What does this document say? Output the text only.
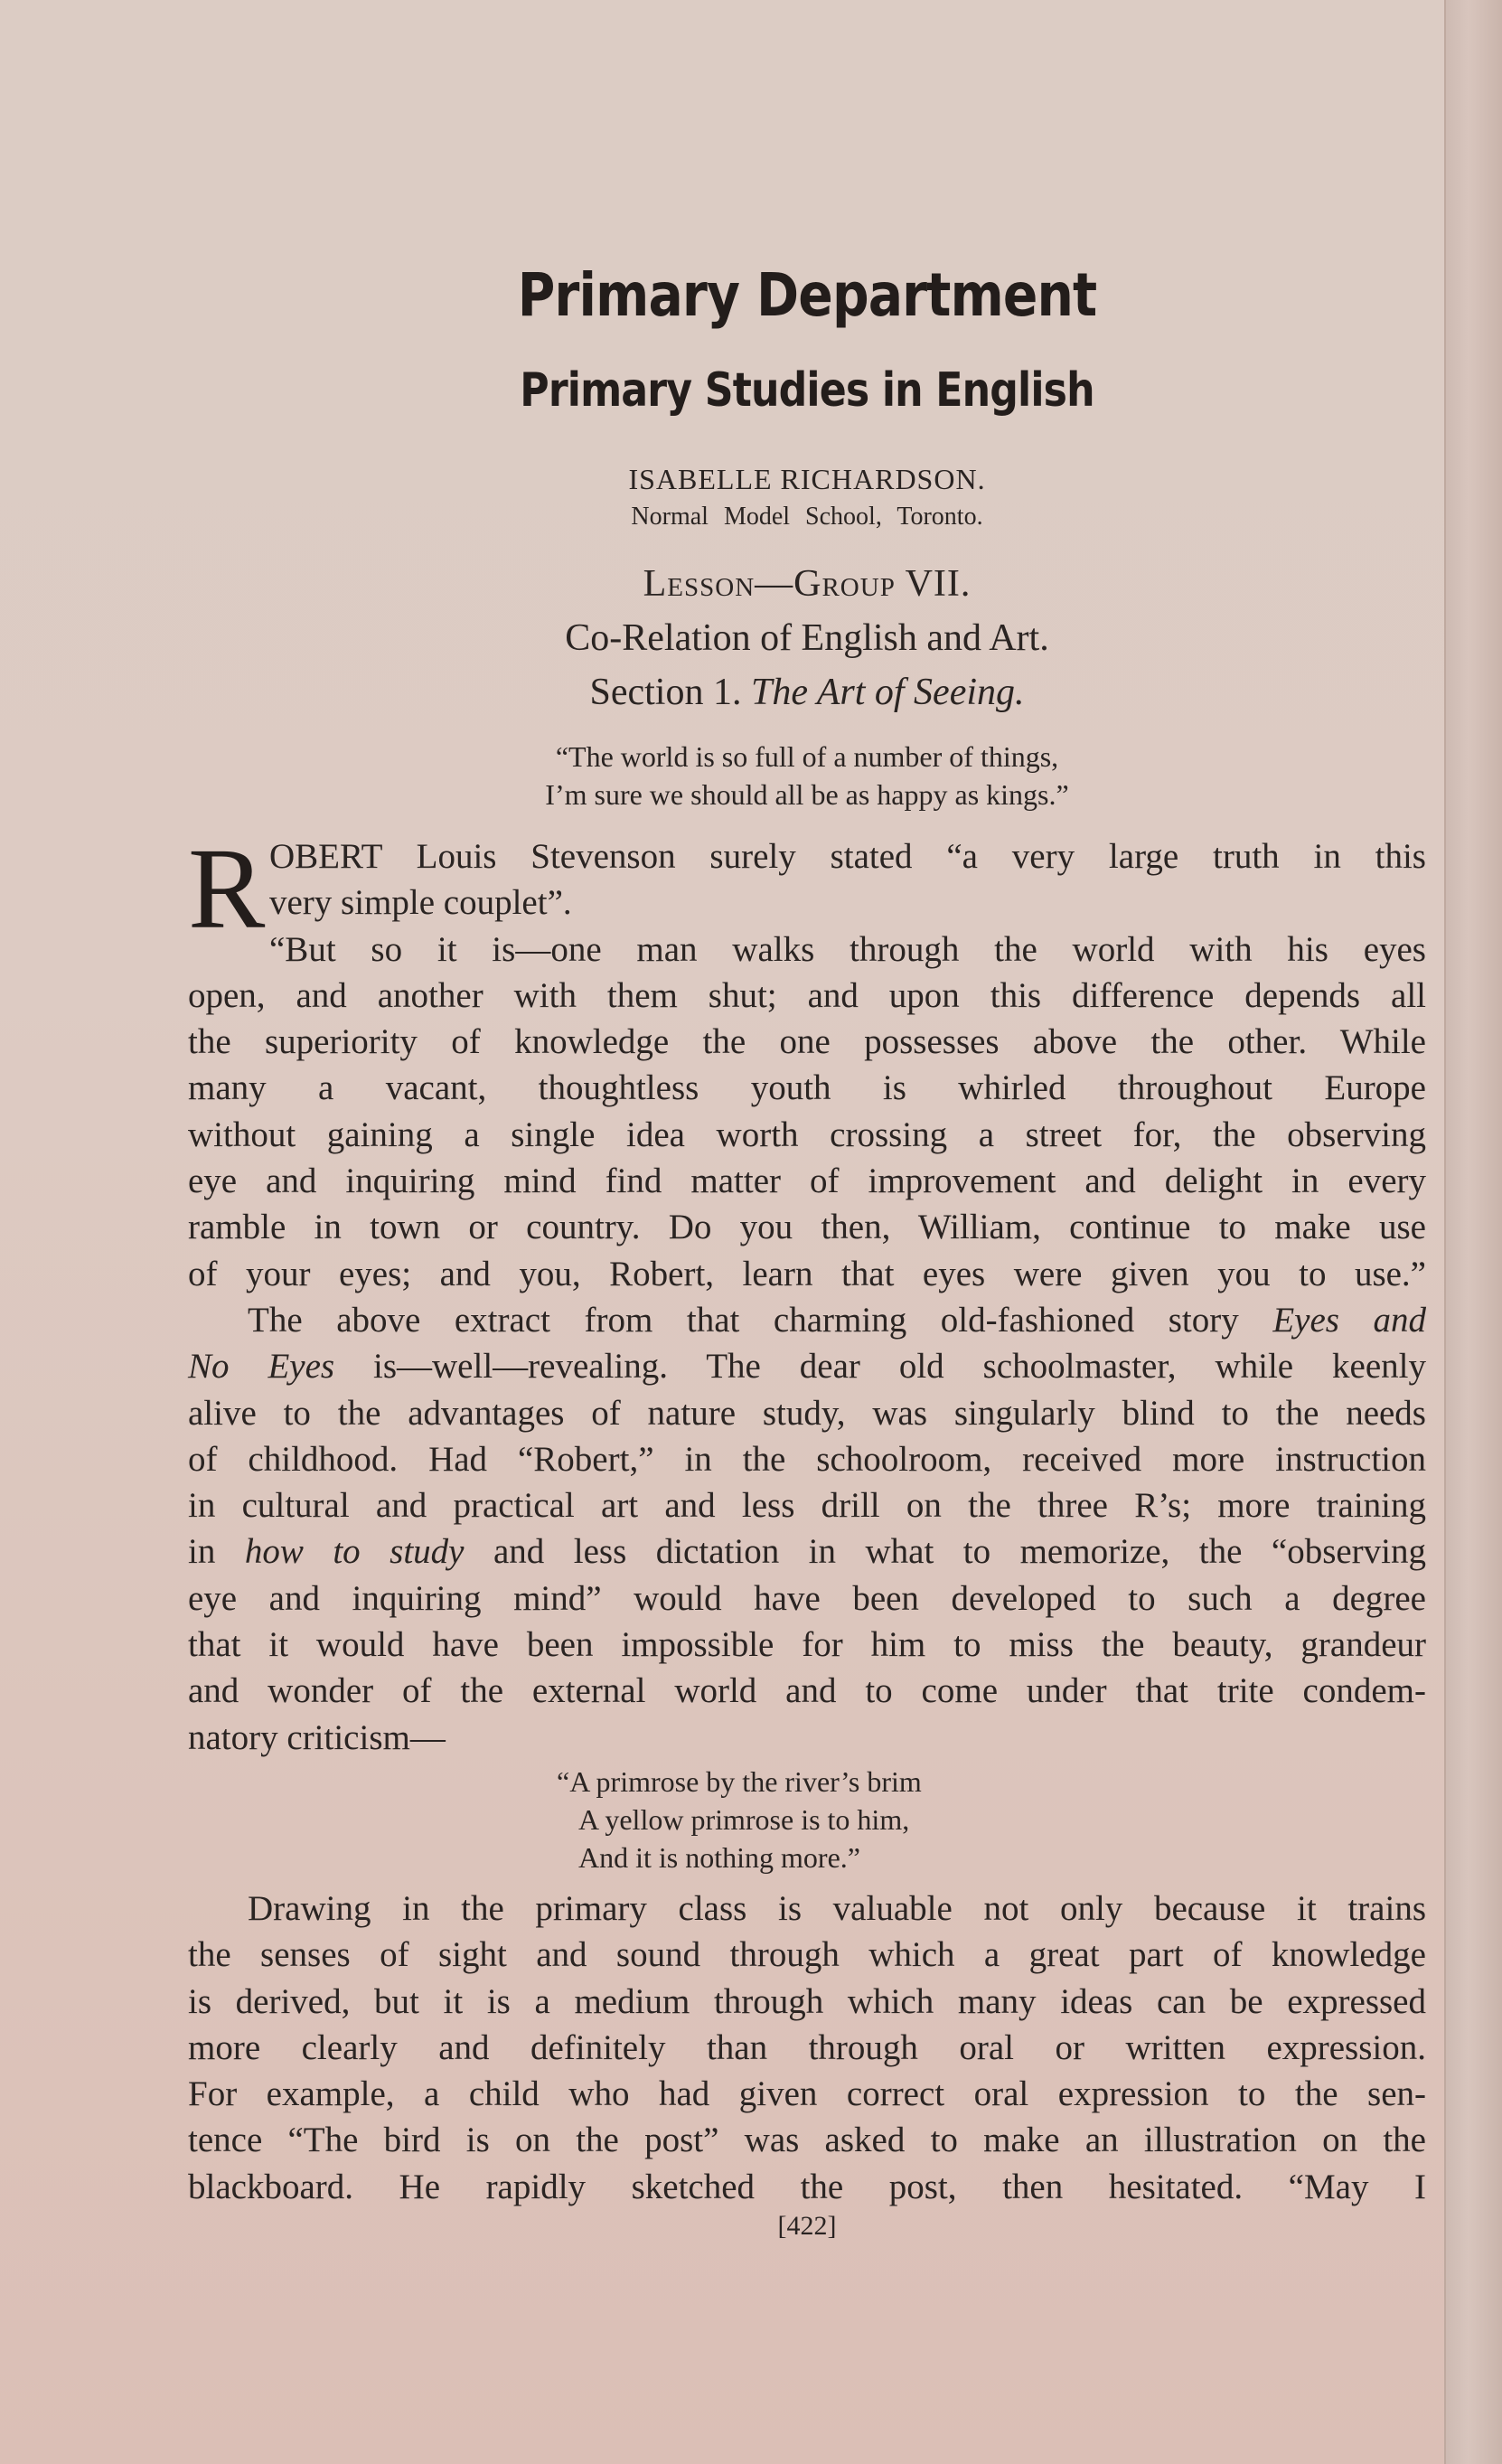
Primary Department
Primary Studies in English
ISABELLE RICHARDSON.
Normal Model School, Toronto.
Lesson—Group VII.
Co-Relation of English and Art.
Section 1. The Art of Seeing.
“The world is so full of a number of things,
I’m sure we should all be as happy as kings.”
R OBERT Louis Stevenson surely stated “a very large truth in this
very simple couplet”.
“But so it is—one man walks through the world with his eyes
open, and another with them shut; and upon this difference depends all
the superiority of knowledge the one possesses above the other. While
many a vacant, thoughtless youth is whirled throughout Europe
without gaining a single idea worth crossing a street for, the observing
eye and inquiring mind find matter of improvement and delight in every
ramble in town or country. Do you then, William, continue to make use
of your eyes; and you, Robert, learn that eyes were given you to use.”
The above extract from that charming old-fashioned story Eyes and
No Eyes is—well—revealing. The dear old schoolmaster, while keenly
alive to the advantages of nature study, was singularly blind to the needs
of childhood. Had “Robert,” in the schoolroom, received more instruction
in cultural and practical art and less drill on the three R’s; more training
in how to study and less dictation in what to memorize, the “observing
eye and inquiring mind” would have been developed to such a degree
that it would have been impossible for him to miss the beauty, grandeur
and wonder of the external world and to come under that trite condem-
natory criticism—
“A primrose by the river’s brim
A yellow primrose is to him,
And it is nothing more.”
Drawing in the primary class is valuable not only because it trains
the senses of sight and sound through which a great part of knowledge
is derived, but it is a medium through which many ideas can be expressed
more clearly and definitely than through oral or written expression.
For example, a child who had given correct oral expression to the sen-
tence “The bird is on the post” was asked to make an illustration on the
blackboard. He rapidly sketched the post, then hesitated. “May I
[422]
